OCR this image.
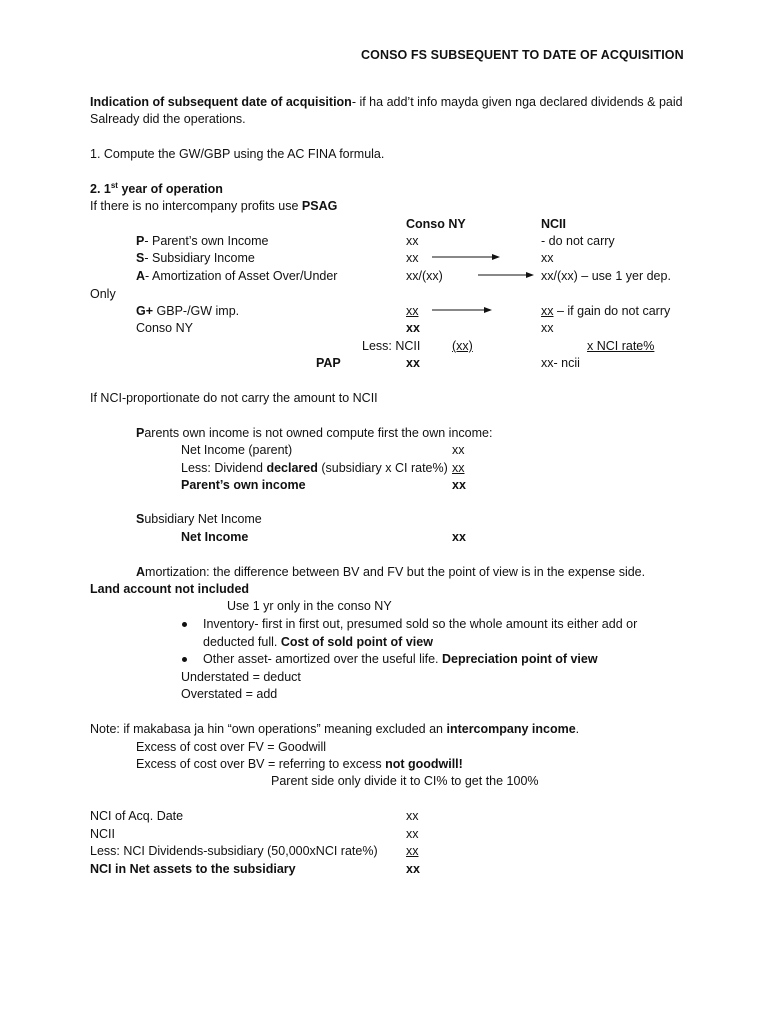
CONSO FS SUBSEQUENT TO DATE OF ACQUISITION
Indication of subsequent date of acquisition- if ha add’t info mayda given nga declared dividends & paid
Salready did the operations.
1. Compute the GW/GBP using the AC FINA formula.
2. 1st year of operation
If there is no intercompany profits use PSAG
Conso NY	NCII
P- Parent’s own Income	xx	- do not carry
S- Subsidiary Income	xx	xx
A- Amortization of Asset Over/Under	xx/(xx)	xx/(xx) – use 1 yer dep.
Only
G+ GBP-/GW imp.	xx	xx – if gain do not carry
Conso NY	xx	xx
Less: NCII	(xx)	x NCI rate%
PAP	xx	xx- ncii
If NCI-proportionate do not carry the amount to NCII
Parents own income is not owned compute first the own income:
Net Income (parent)	xx
Less: Dividend declared (subsidiary x CI rate%) xx
Parent’s own income	xx
Subsidiary Net Income
Net Income	xx
Amortization: the difference between BV and FV but the point of view is in the expense side.
Land account not included
Use 1 yr only in the conso NY
Inventory- first in first out, presumed sold so the whole amount its either add or
deducted full. Cost of sold point of view
Other asset- amortized over the useful life. Depreciation point of view
Understated = deduct
Overstated = add
Note: if makabasa ja hin “own operations” meaning excluded an intercompany income.
Excess of cost over FV = Goodwill
Excess of cost over BV = referring to excess not goodwill!
Parent side only divide it to CI% to get the 100%
NCI of Acq. Date	xx
NCII	xx
Less: NCI Dividends-subsidiary (50,000xNCI rate%) xx
NCI in Net assets to the subsidiary	xx
